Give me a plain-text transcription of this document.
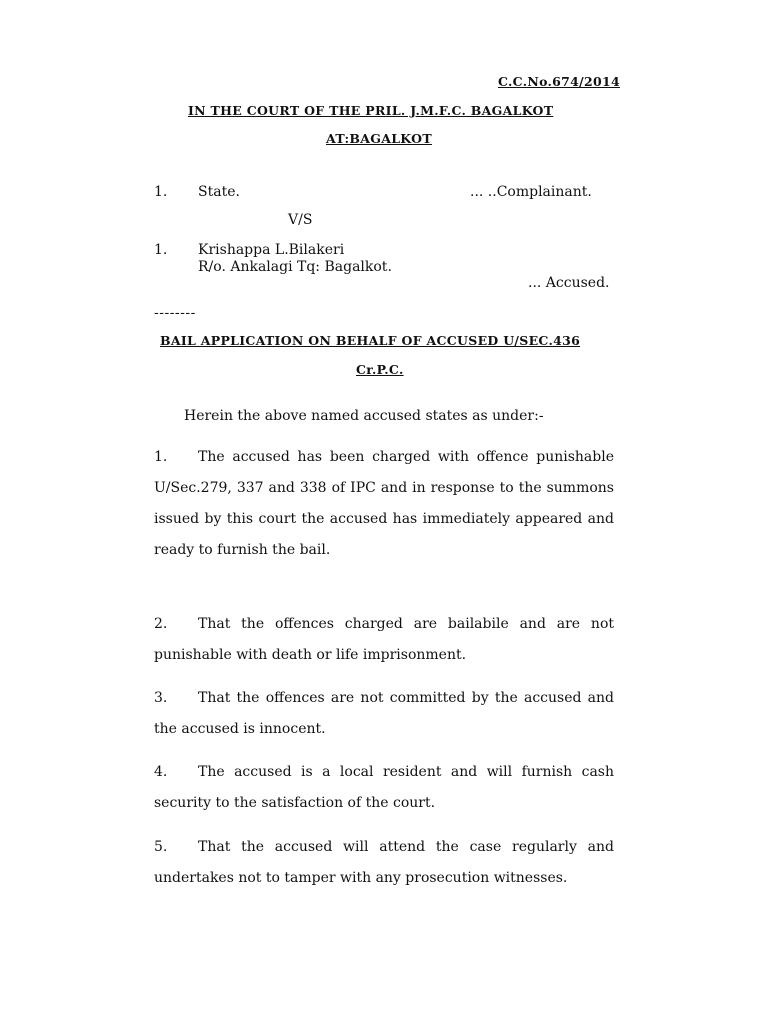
C.C.No.674/2014

IN THE COURT OF THE PRIL. J.M.F.C. BAGALKOT

AT:BAGALKOT

1. State.	... ..Complainant.

V/S

1. Krishappa L.Bilakeri

R/o. Ankalagi Tq: Bagalkot.

... Accused.

--------

BAIL APPLICATION ON BEHALF OF ACCUSED U/SEC.436

Cr.P.C.

Herein the above named accused states as under:-

1. The accused has been charged with offence punishable U/Sec.279, 337 and 338 of IPC and in response to the summons issued by this court the accused has immediately appeared and ready to furnish the bail.
2. That the offences charged are bailabile and are not punishable with death or life imprisonment.
3. That the offences are not committed by the accused and the accused is innocent.
4. The accused is a local resident and will furnish cash security to the satisfaction of the court.
5. That the accused will attend the case regularly and undertakes not to tamper with any prosecution witnesses.
